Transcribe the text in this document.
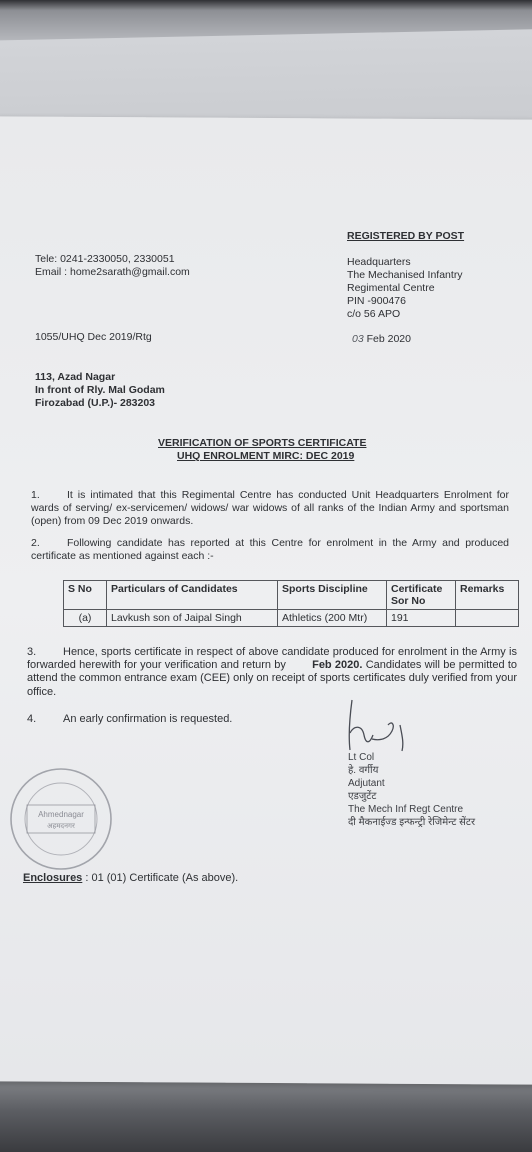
REGISTERED BY POST
Tele: 0241-2330050, 2330051
Email : home2sarath@gmail.com
Headquarters
The Mechanised Infantry
Regimental Centre
PIN -900476
c/o 56 APO
1055/UHQ Dec 2019/Rtg	03 Feb 2020
113, Azad Nagar
In front of Rly. Mal Godam
Firozabad (U.P.)- 283203
VERIFICATION OF SPORTS CERTIFICATE
UHQ ENROLMENT MIRC: DEC 2019
1.	It is intimated that this Regimental Centre has conducted Unit Headquarters Enrolment for wards of serving/ ex-servicemen/ widows/ war widows of all ranks of the Indian Army and sportsman (open) from 09 Dec 2019 onwards.
2.	Following candidate has reported at this Centre for enrolment in the Army and produced certificate as mentioned against each :-
S No	Particulars of Candidates	Sports Discipline	Certificate Sor No	Remarks
(a)	Lavkush son of Jaipal Singh	Athletics (200 Mtr)	191	
3. Hence, sports certificate in respect of above candidate produced for enrolment in the Army is forwarded herewith for your verification and return by Feb 2020. Candidates will be permitted to attend the common entrance exam (CEE) only on receipt of sports certificates duly verified from your office.
4. An early confirmation is requested.
Lt Col
हे. वर्गीय
Adjutant
एडजुटेंट
The Mech Inf Regt Centre
दी मैकनाईज्ड इन्फन्ट्री रेजिमेन्ट सेंटर
Ahmednagar
अहमदनगर
Enclosures : 01 (01) Certificate (As above).
